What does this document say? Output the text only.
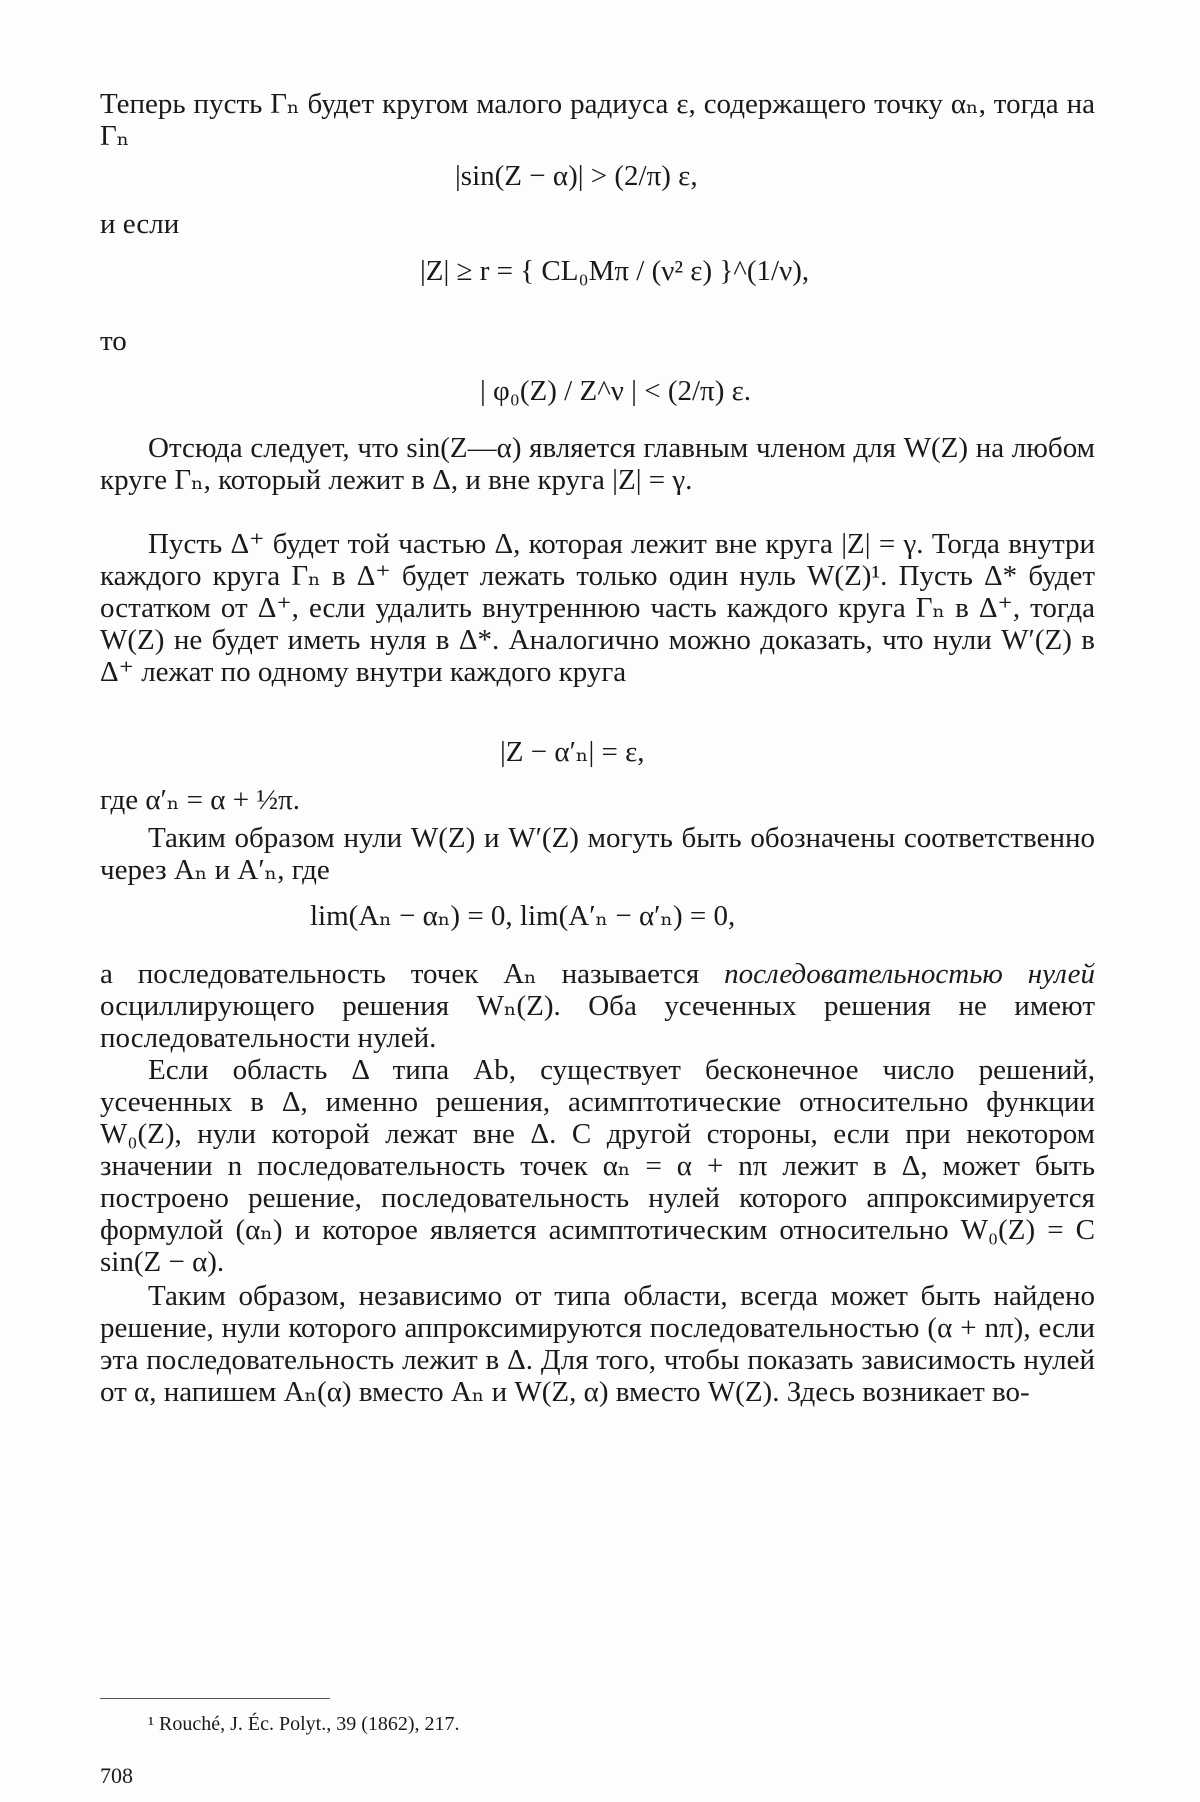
Теперь пусть Γₙ будет кругом малого радиуса ε, содержащего точку αₙ, тогда на Γₙ
|sin(Z − α)| > (2/π) ε,
и если
|Z| ≥ r = { CL₀Mπ / (ν² ε) }^(1/ν),
то
| φ₀(Z) / Z^ν | < (2/π) ε.
Отсюда следует, что sin(Z—α) является главным членом для W(Z) на любом круге Γₙ, который лежит в Δ, и вне круга |Z| = γ.
Пусть Δ⁺ будет той частью Δ, которая лежит вне круга |Z| = γ. Тогда внутри каждого круга Γₙ в Δ⁺ будет лежать только один нуль W(Z)¹. Пусть Δ* будет остатком от Δ⁺, если удалить внутреннюю часть каждого круга Γₙ в Δ⁺, тогда W(Z) не будет иметь нуля в Δ*. Аналогично можно доказать, что нули W′(Z) в Δ⁺ лежат по одному внутри каждого круга
|Z − α′ₙ| = ε,
где α′ₙ = α + ½π.
Таким образом нули W(Z) и W′(Z) могуть быть обозначены соответственно через Aₙ и A′ₙ, где
lim(Aₙ − αₙ) = 0, lim(A′ₙ − α′ₙ) = 0,
а последовательность точек Aₙ называется последовательностью нулей осциллирующего решения Wₙ(Z). Оба усеченных решения не имеют последовательности нулей.
Если область Δ типа Ab, существует бесконечное число решений, усеченных в Δ, именно решения, асимптотические относительно функции W₀(Z), нули которой лежат вне Δ. С другой стороны, если при некотором значении n последовательность точек αₙ = α + nπ лежит в Δ, может быть построено решение, последовательность нулей которого аппроксимируется формулой (αₙ) и которое является асимптотическим относительно W₀(Z) = C sin(Z − α).
Таким образом, независимо от типа области, всегда может быть найдено решение, нули которого аппроксимируются последовательностью (α + nπ), если эта последовательность лежит в Δ. Для того, чтобы показать зависимость нулей от α, напишем Aₙ(α) вместо Aₙ и W(Z, α) вместо W(Z). Здесь возникает во-
¹ Rouché, J. Éc. Polyt., 39 (1862), 217.
708
